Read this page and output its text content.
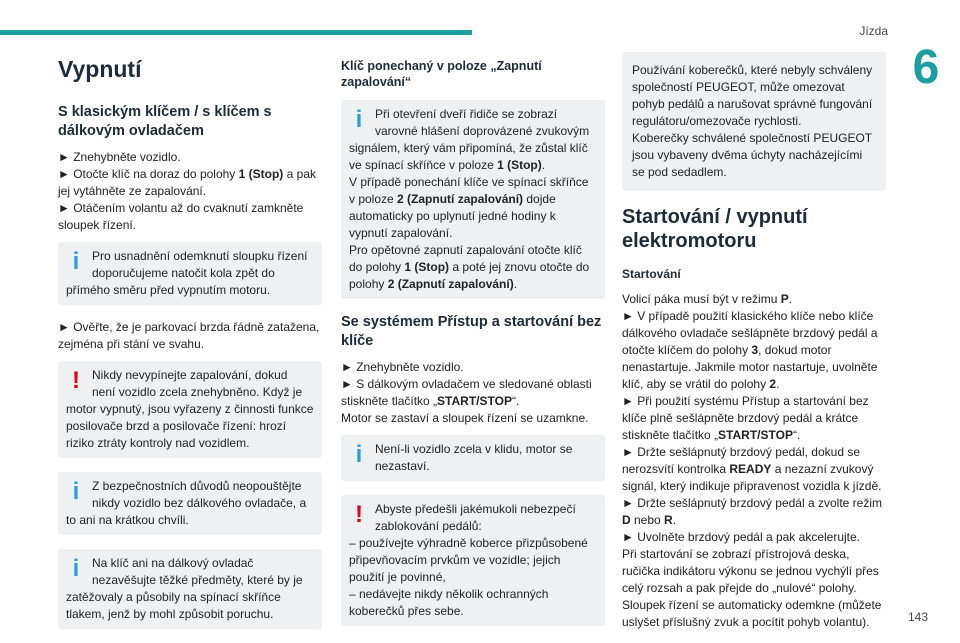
Jízda
6
143
Vypnutí
S klasickým klíčem / s klíčem s dálkovým ovladačem

► Znehybněte vozidlo.
► Otočte klíč na doraz do polohy 1 (Stop) a pak jej vytáhněte ze zapalování.
► Otáčením volantu až do cvaknutí zamkněte sloupek řízení.

i	Pro usnadnění odemknutí sloupku řízení doporučujeme natočit kola zpět do přímého směru před vypnutím motoru.

► Ověřte, že je parkovací brzda řádně zatažena, zejména při stání ve svahu.

!	Nikdy nevypínejte zapalování, dokud není vozidlo zcela znehybněno. Když je motor vypnutý, jsou vyřazeny z činnosti funkce posilovače brzd a posilovače řízení: hrozí riziko ztráty kontroly nad vozidlem.
i	Z bezpečnostních důvodů neopouštějte nikdy vozidlo bez dálkového ovladače, a to ani na krátkou chvíli.
i	Na klíč ani na dálkový ovladač nezavěšujte těžké předměty, které by je zatěžovaly a působily na spínací skříňce tlakem, jenž by mohl způsobit poruchu.
Klíč ponechaný v poloze „Zapnutí zapalování“
i	Při otevření dveří řidiče se zobrazí varovné hlášení doprovázené zvukovým signálem, který vám připomíná, že zůstal klíč ve spínací skříňce v poloze 1 (Stop).
V případě ponechání klíče ve spínací skříňce v poloze 2 (Zapnutí zapalování) dojde automaticky po uplynutí jedné hodiny k vypnutí zapalování.
Pro opětovné zapnutí zapalování otočte klíč do polohy 1 (Stop) a poté jej znovu otočte do polohy 2 (Zapnutí zapalování).
Se systémem Přístup a startování bez klíče

► Znehybněte vozidlo.
► S dálkovým ovladačem ve sledované oblasti stiskněte tlačítko „START/STOP“.
Motor se zastaví a sloupek řízení se uzamkne.

i	Není-li vozidlo zcela v klidu, motor se nezastaví.
!	Abyste předešli jakémukoli nebezpečí zablokování pedálů:
– používejte výhradně koberce přizpůsobené připevňovacím prvkům ve vozidle; jejich použití je povinné,
– nedávejte nikdy několik ochranných koberečků přes sebe.
Používání koberečků, které nebyly schváleny společností PEUGEOT, může omezovat pohyb pedálů a narušovat správné fungování regulátoru/omezovače rychlosti.
Koberečky schválené společností PEUGEOT jsou vybaveny dvěma úchyty nacházejícími se pod sedadlem.
Startování / vypnutí elektromotoru
Startování

Volicí páka musí být v režimu P.
► V případě použití klasického klíče nebo klíče dálkového ovladače sešlápněte brzdový pedál a otočte klíčem do polohy 3, dokud motor nenastartuje. Jakmile motor nastartuje, uvolněte klíč, aby se vrátil do polohy 2.
► Při použití systému Přístup a startování bez klíče plně sešlápněte brzdový pedál a krátce stiskněte tlačítko „START/STOP“.
► Držte sešlápnutý brzdový pedál, dokud se nerozsvítí kontrolka READY a nezazní zvukový signál, který indikuje připravenost vozidla k jízdě.
► Držte sešlápnutý brzdový pedál a zvolte režim D nebo R.
► Uvolněte brzdový pedál a pak akcelerujte.
Při startování se zobrazí přístrojová deska, ručička indikátoru výkonu se jednou vychýlí přes celý rozsah a pak přejde do „nulové“ polohy.
Sloupek řízení se automaticky odemkne (můžete uslyšet příslušný zvuk a pocítit pohyb volantu).
